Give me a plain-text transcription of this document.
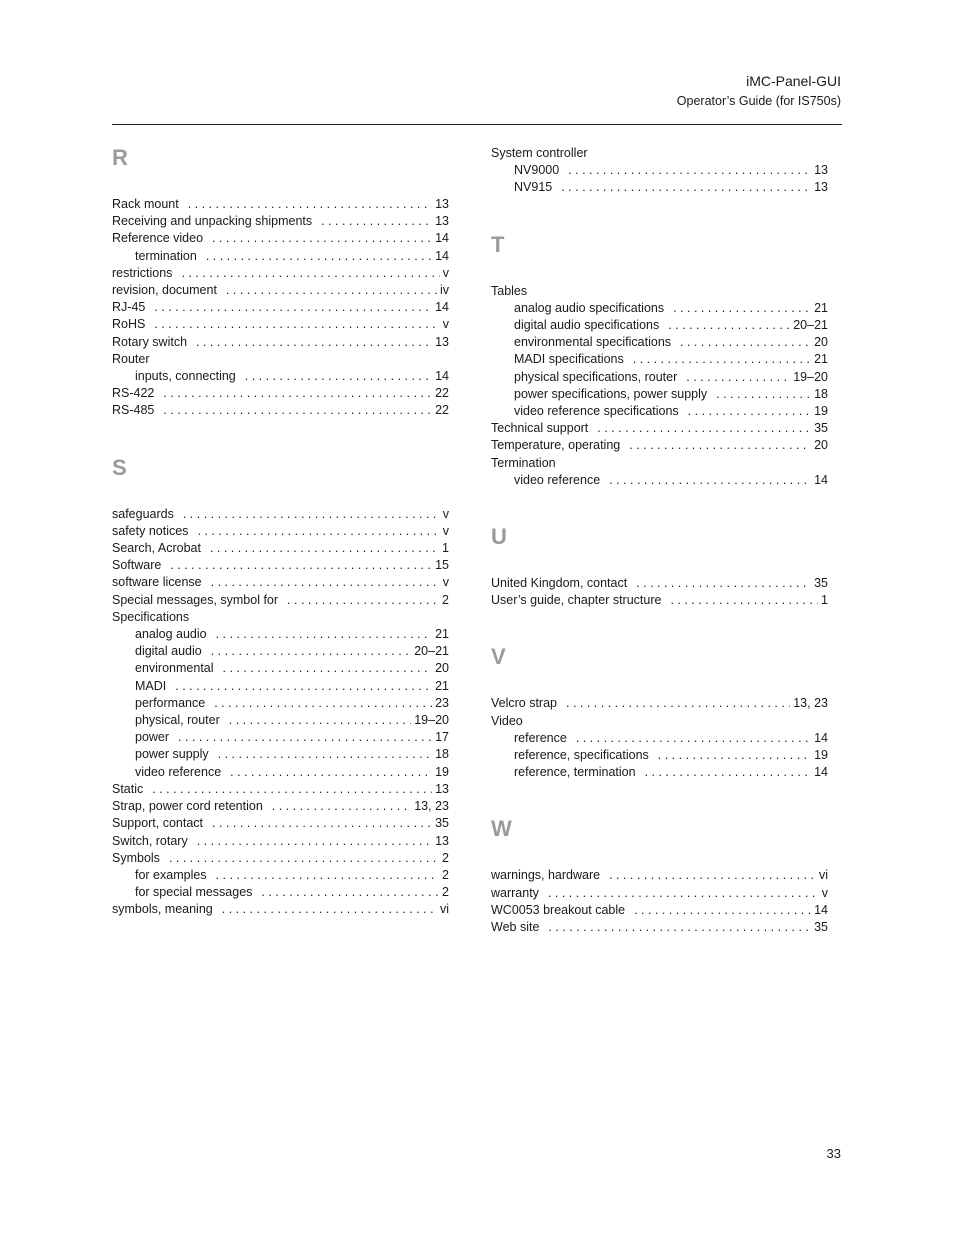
iMC-Panel-GUI
Operator’s Guide (for IS750s)
R
Rack mount . . .	13
Receiving and unpacking shipments . . .	13
Reference video . . .	14
termination . . .	14
restrictions . . .	v
revision, document . . .	iv
RJ-45 . . .	14
RoHS . . .	v
Rotary switch . . .	13
Router
inputs, connecting . . .	14
RS-422 . . .	22
RS-485 . . .	22
S
safeguards . . .	v
safety notices . . .	v
Search, Acrobat . . .	1
Software . . .	15
software license . . .	v
Special messages, symbol for . . .	2
Specifications
analog audio . . .	21
digital audio . . .	20–21
environmental . . .	20
MADI . . .	21
performance . . .	23
physical, router . . .	19–20
power . . .	17
power supply . . .	18
video reference . . .	19
Static . . .	13
Strap, power cord retention . . .	13, 23
Support, contact . . .	35
Switch, rotary . . .	13
Symbols . . .	2
for examples . . .	2
for special messages . . .	2
symbols, meaning . . .	vi
System controller
NV9000 . . .	13
NV915 . . .	13
T
Tables
analog audio specifications . . .	21
digital audio specifications . . .	20–21
environmental specifications . . .	20
MADI specifications . . .	21
physical specifications, router . . .	19–20
power specifications, power supply . . .	18
video reference specifications . . .	19
Technical support . . .	35
Temperature, operating . . .	20
Termination
video reference . . .	14
U
United Kingdom, contact . . .	35
User’s guide, chapter structure . . .	1
V
Velcro strap . . .	13, 23
Video
reference . . .	14
reference, specifications . . .	19
reference, termination . . .	14
W
warnings, hardware . . .	vi
warranty . . .	v
WC0053 breakout cable . . .	14
Web site . . .	35
33
